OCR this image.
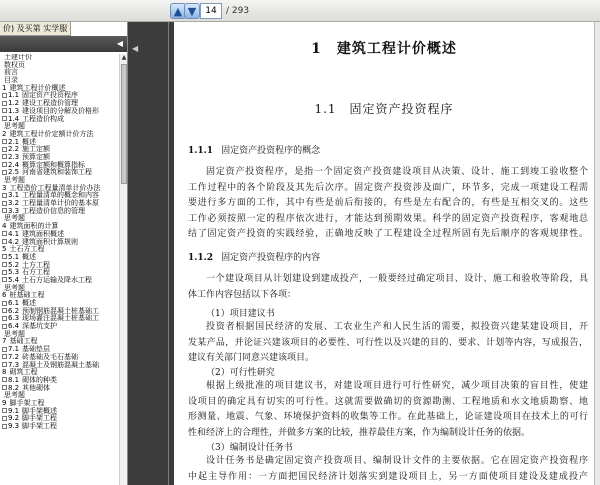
▲ ▼	14	/ 293
价) 及买第 实学服
◀
土建计价
数权页
前言
目录
1 建筑工程计价概述
1.1 固定资产投资程序
1.2 建设工程造价管理
1.3 建设项目的分解及价格形
1.4 工程造价构成
思考题
2 建筑工程计价定额计价方法
2.1 概述
2.2 施工定额
2.3 预算定额
2.4 概算定额和概算指标
2.5 河南省建筑和装饰工程
思考题
3 工程造价工程量清单计价办法
3.1 工程量清单的概念和内容
3.2 工程量清单计价的基本原
3.3 工程造价信息的管理
思考题
4 建筑面积的计算
4.1 建筑面积概述
4.2 建筑面积计算规则
5 土石方工程
5.1 概述
5.2 土方工程
5.3 石方工程
5.4 土石方运输及降水工程
思考题
6 桩基础工程
6.1 概述
6.2 预制钢筋混凝土桩基础工
6.3 现场灌注混凝土桩基础工
6.4 深基坑支护
思考题
7 基础工程
7.1 基础垫层
7.2 砖基础及毛石基础
7.3 混凝土及钢筋混凝土基础
8 砌筑工程
8.1 砌体的种类
8.2 其他砌体
思考题
9 脚手架工程
9.1 脚手架概述
9.2 脚手架工程
9.3 脚手架工程
▲
◀	1　建筑工程计价概述
1.1　固定资产投资程序
1.1.1 固定资产投资程序的概念
固定资产投资程序，是指一个固定资产投资建设项目从决策、设计、施工到竣工验收整个
工作过程中的各个阶段及其先后次序。固定资产投资涉及面广，环节多，完成一项建设工程需
要进行多方面的工作，其中有些是前后衔接的，有些是左右配合的，有些是互相交叉的。这些
工作必须按照一定的程序依次进行，才能达到预期效果。科学的固定资产投资程序，客观地总
结了固定资产投资的实践经验，正确地反映了工程建设全过程所固有先后顺序的客观规律性。
1.1.2 固定资产投资程序的内容
一个建设项目从计划建设到建成投产，一般要经过确定项目、设计、施工和验收等阶段，具
体工作内容包括以下各项：
（1）项目建议书
投资者根据国民经济的发展、工农业生产和人民生活的需要，拟投资兴建某建设项目，开
发某产品，并论证兴建该项目的必要性、可行性以及兴建的目的、要求、计划等内容，写成报告，
建议有关部门同意兴建该项目。
（2）可行性研究
根据上级批准的项目建议书，对建设项目进行可行性研究，减少项目决策的盲目性，使建
设项目的确定具有切实的可行性。这就需要做确切的资源勘测、工程地质和水文地质勘察、地
形测量、地震、气象、环境保护资料的收集等工作。在此基础上，论证建设项目在技术上的可行
性和经济上的合理性，并做多方案的比较，推荐最佳方案，作为编制设计任务的依据。
（3）编制设计任务书
设计任务书是确定固定资产投资项目、编制设计文件的主要依据。它在固定资产投资程序
中起主导作用：一方面把国民经济计划落实到建设项目上，另一方面使项目建设及建成投产
